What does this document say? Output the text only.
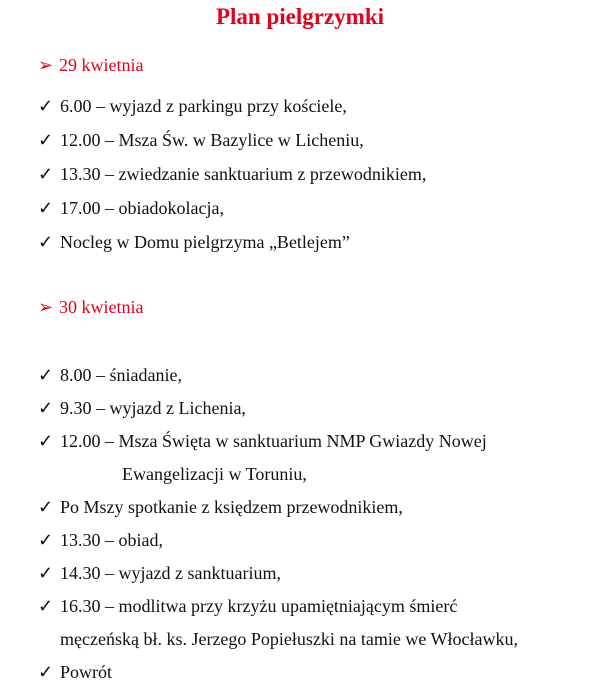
Plan pielgrzymki
➢ 29 kwietnia
✓ 6.00 – wyjazd z parkingu przy kościele,
✓ 12.00 – Msza Św. w Bazylice w Licheniu,
✓ 13.30 – zwiedzanie sanktuarium z przewodnikiem,
✓ 17.00 – obiadokolacja,
✓ Nocleg w Domu pielgrzyma „Betlejem”
➢ 30 kwietnia
✓ 8.00 – śniadanie,
✓ 9.30 – wyjazd z Lichenia,
✓ 12.00 – Msza Święta w sanktuarium NMP Gwiazdy Nowej
Ewangelizacji w Toruniu,
✓ Po Mszy spotkanie z księdzem przewodnikiem,
✓ 13.30 – obiad,
✓ 14.30 – wyjazd z sanktuarium,
✓ 16.30 – modlitwa przy krzyżu upamiętniającym śmierć
męczeńską bł. ks. Jerzego Popiełuszki na tamie we Włocławku,
✓ Powrót
